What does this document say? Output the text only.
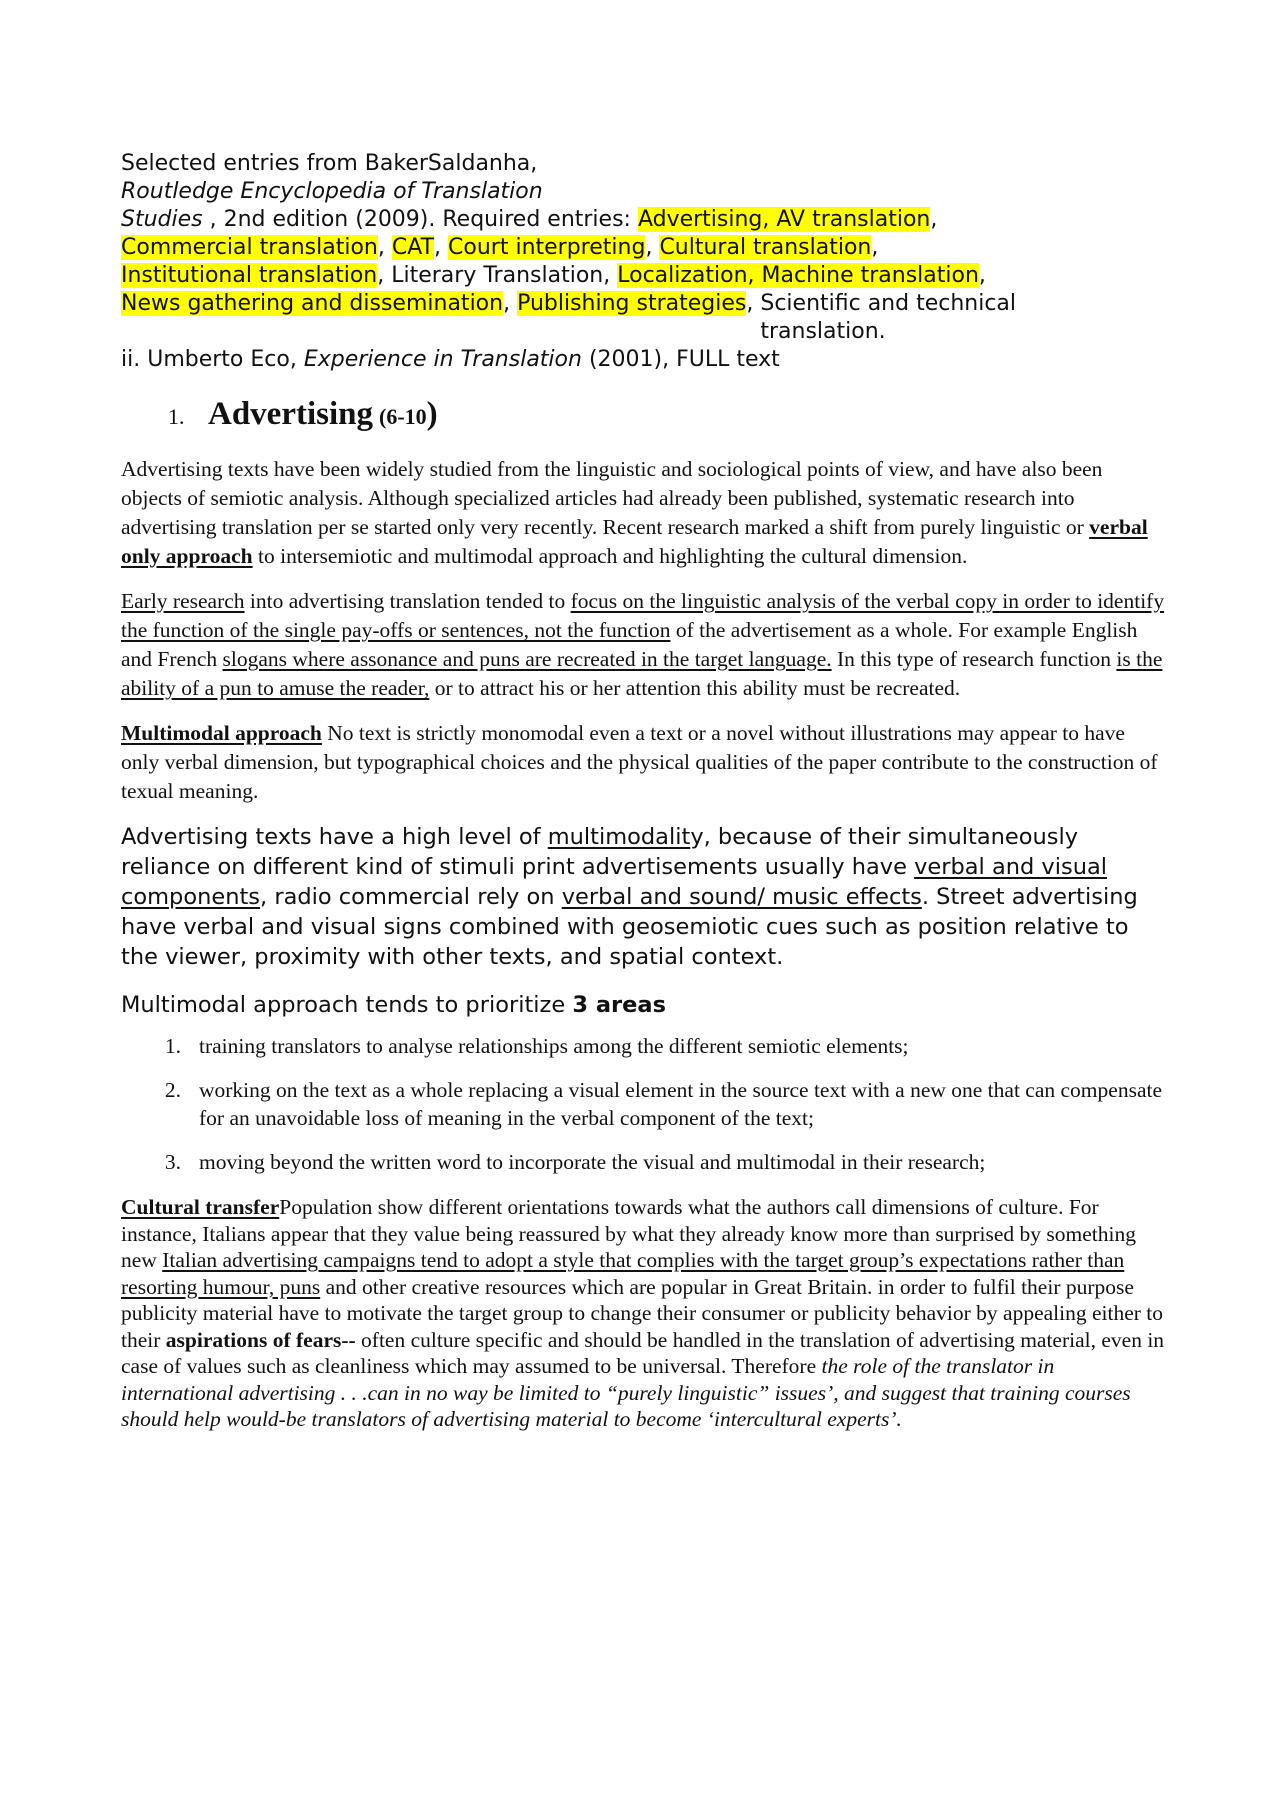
Selected entries from BakerSaldanha,
Routledge Encyclopedia of Translation
Studies , 2nd edition (2009). Required entries: Advertising, AV translation,
Commercial translation, CAT, Court interpreting, Cultural translation,
Institutional translation, Literary Translation, Localization, Machine translation,
News gathering and dissemination, Publishing strategies, Scientific and technical translation.
ii. Umberto Eco, Experience in Translation (2001), FULL text
1. Advertising (6-10 )

Advertising texts have been widely studied from the linguistic and sociological points of view, and have also been objects of semiotic analysis. Although specialized articles had already been published, systematic research into advertising translation per se started only very recently. Recent research marked a shift from purely linguistic or verbal only approach to intersemiotic and multimodal approach and highlighting the cultural dimension.

Early research into advertising translation tended to focus on the linguistic analysis of the verbal copy in order to identify the function of the single pay-offs or sentences, not the function of the advertisement as a whole. For example English and French slogans where assonance and puns are recreated in the target language. In this type of research function is the ability of a pun to amuse the reader, or to attract his or her attention this ability must be recreated.

Multimodal approach No text is strictly monomodal even a text or a novel without illustrations may appear to have only verbal dimension, but typographical choices and the physical qualities of the paper contribute to the construction of texual meaning.

Advertising texts have a high level of multimodality, because of their simultaneously reliance on different kind of stimuli print advertisements usually have verbal and visual components, radio commercial rely on verbal and sound/ music effects. Street advertising have verbal and visual signs combined with geosemiotic cues such as position relative to the viewer, proximity with other texts, and spatial context.

Multimodal approach tends to prioritize 3 areas

1. training translators to analyse relationships among the different semiotic elements;
2. working on the text as a whole replacing a visual element in the source text with a new one that can compensate for an unavoidable loss of meaning in the verbal component of the text;
3. moving beyond the written word to incorporate the visual and multimodal in their research;

Cultural transferPopulation show different orientations towards what the authors call dimensions of culture. For instance, Italians appear that they value being reassured by what they already know more than surprised by something new Italian advertising campaigns tend to adopt a style that complies with the target group’s expectations rather than resorting humour, puns and other creative resources which are popular in Great Britain. in order to fulfil their purpose publicity material have to motivate the target group to change their consumer or publicity behavior by appealing either to their aspirations of fears-- often culture specific and should be handled in the translation of advertising material, even in case of values such as cleanliness which may assumed to be universal. Therefore the role of the translator in international advertising . . .can in no way be limited to “purely linguistic” issues’, and suggest that training courses should help would-be translators of advertising material to become ‘intercultural experts’.
